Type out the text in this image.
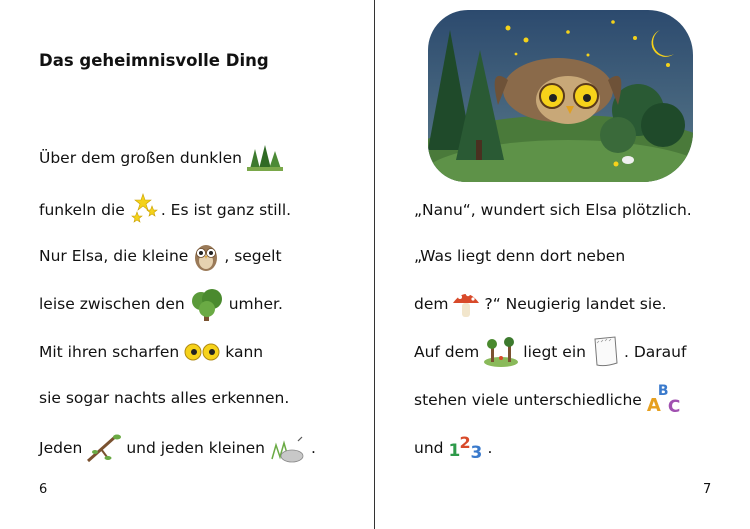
Das geheimnisvolle Ding
Über dem großen dunklen
funkeln die . Es ist ganz still.
Nur Elsa, die kleine , segelt
leise zwischen den	umher.
Mit ihren scharfen	kann
sie sogar nachts alles erkennen.
Jeden	und jeden kleinen	.
6
„Nanu“, wundert sich Elsa plötzlich.
„Was liegt denn dort neben
dem ?“ Neugierig landet sie.
Auf dem	liegt ein . Darauf
stehen viele unterschiedliche A
B
C
und 1 2
3 .
7
